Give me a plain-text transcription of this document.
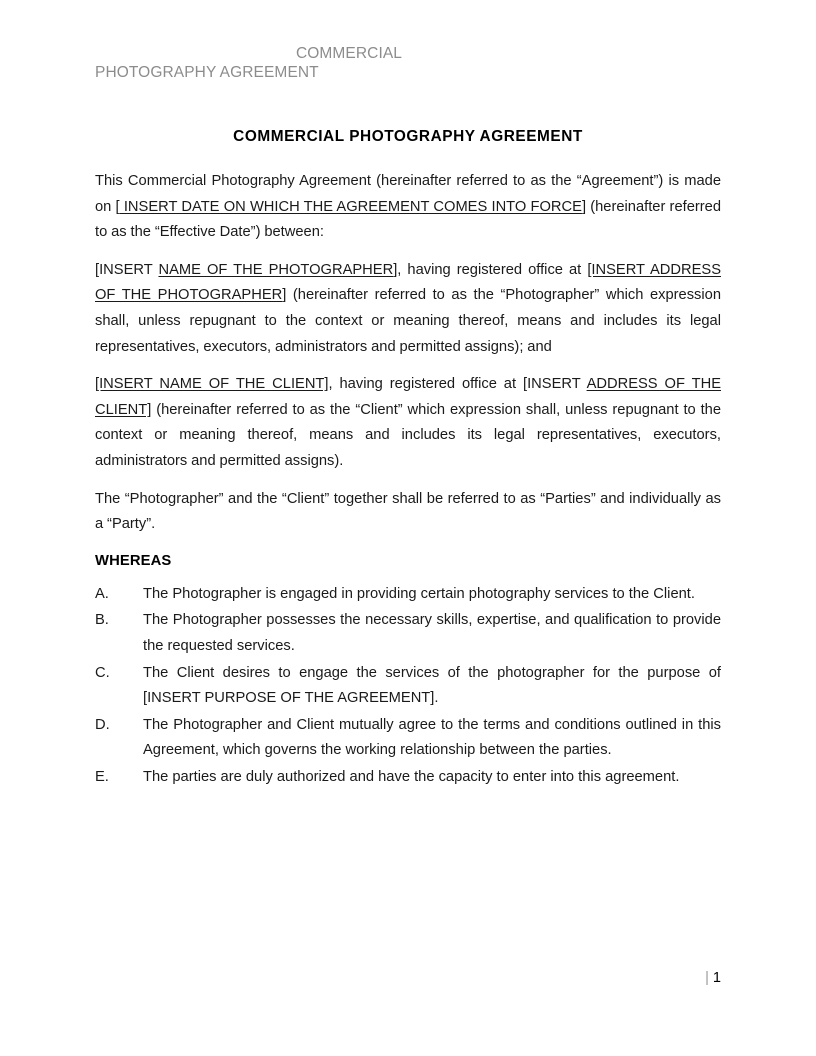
COMMERCIAL
PHOTOGRAPHY AGREEMENT
COMMERCIAL PHOTOGRAPHY AGREEMENT

This Commercial Photography Agreement (hereinafter referred to as the “Agreement”) is made on [ INSERT DATE ON WHICH THE AGREEMENT COMES INTO FORCE] (hereinafter referred to as the “Effective Date”) between:

[INSERT NAME OF THE PHOTOGRAPHER], having registered office at [INSERT ADDRESS OF THE PHOTOGRAPHER] (hereinafter referred to as the “Photographer” which expression shall, unless repugnant to the context or meaning thereof, means and includes its legal representatives, executors, administrators and permitted assigns); and

[INSERT NAME OF THE CLIENT], having registered office at [INSERT ADDRESS OF THE CLIENT] (hereinafter referred to as the “Client” which expression shall, unless repugnant to the context or meaning thereof, means and includes its legal representatives, executors, administrators and permitted assigns).

The “Photographer” and the “Client” together shall be referred to as “Parties” and individually as a “Party”.

WHEREAS
A.	The Photographer is engaged in providing certain photography services to the Client.
B.	The Photographer possesses the necessary skills, expertise, and qualification to provide the requested services.
C.	The Client desires to engage the services of the photographer for the purpose of [INSERT PURPOSE OF THE AGREEMENT].
D.	The Photographer and Client mutually agree to the terms and conditions outlined in this Agreement, which governs the working relationship between the parties.
E.	The parties are duly authorized and have the capacity to enter into this agreement.
| 1
